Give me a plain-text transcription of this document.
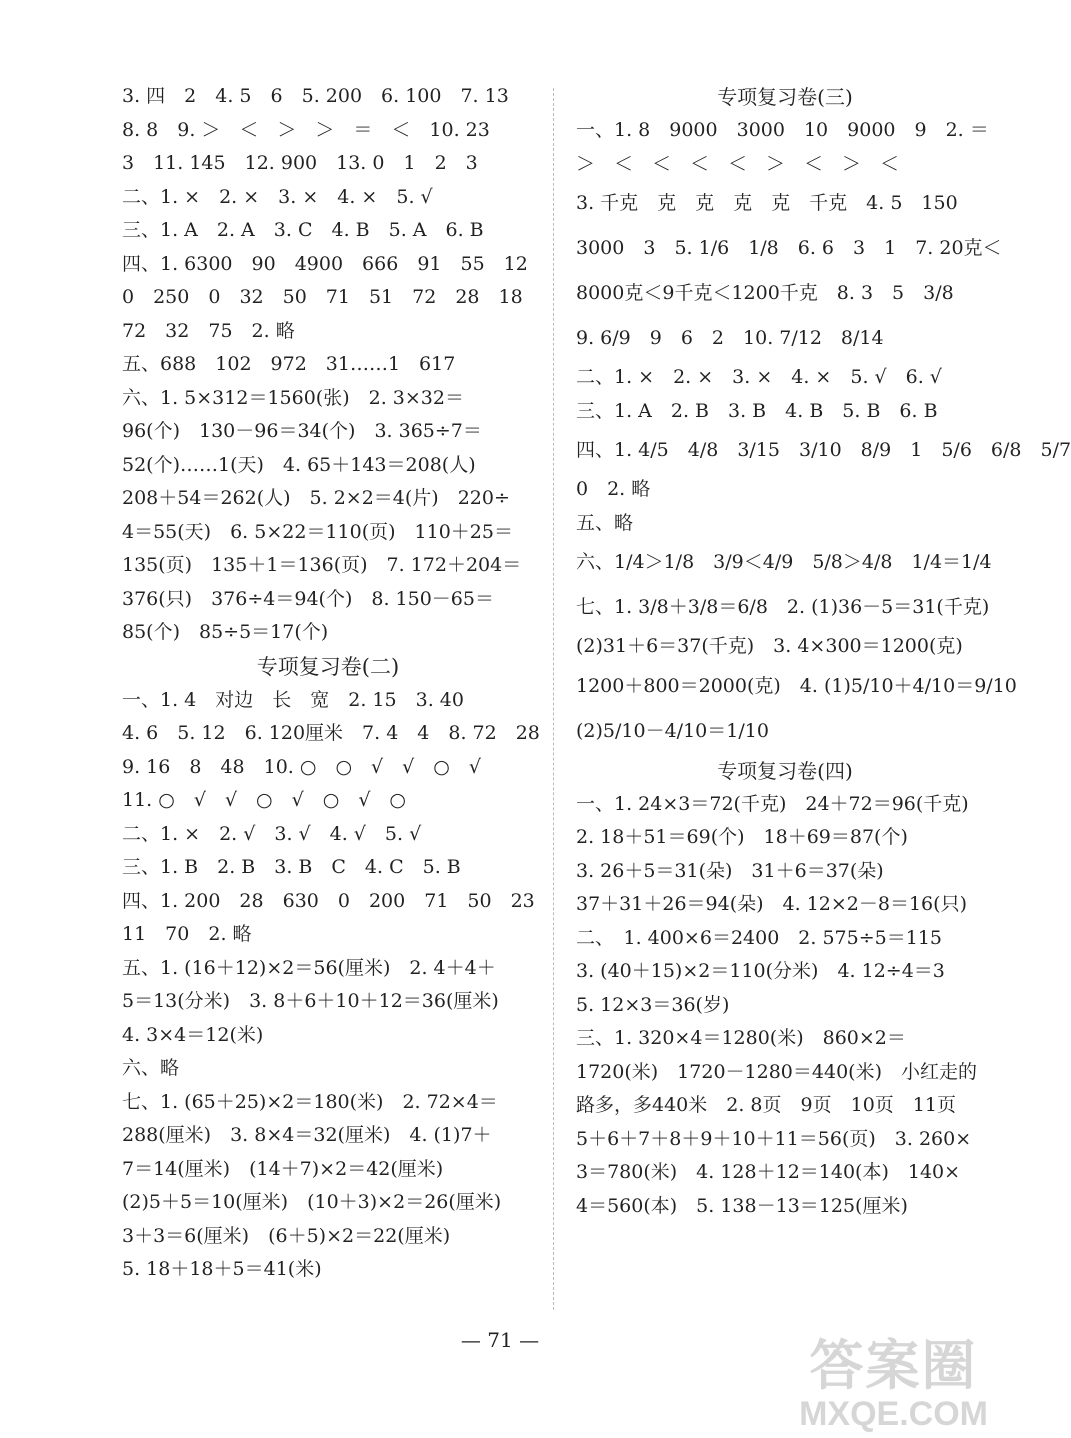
3. 四　2　4. 5　6　5. 200　6. 100　7. 13
8. 8　9. ＞　＜　＞　＞　＝　＜　10. 23
3　11. 145　12. 900　13. 0　1　2　3
二、1. ×　2. ×　3. ×　4. ×　5. √
三、1. A　2. A　3. C　4. B　5. A　6. B
四、1. 6300　90　4900　666　91　55　12
0　250　0　32　50　71　51　72　28　18
72　32　75　2. 略
五、688　102　972　31……1　617
六、1. 5×312＝1560(张)　2. 3×32＝
96(个)　130－96＝34(个)　3. 365÷7＝
52(个)……1(天)　4. 65＋143＝208(人)
208＋54＝262(人)　5. 2×2＝4(片)　220÷
4＝55(天)　6. 5×22＝110(页)　110＋25＝
135(页)　135＋1＝136(页)　7. 172＋204＝
376(只)　376÷4＝94(个)　8. 150－65＝
85(个)　85÷5＝17(个)
专项复习卷(二)
一、1. 4　对边　长　宽　2. 15　3. 40
4. 6　5. 12　6. 120厘米　7. 4　4　8. 72　28
9. 16　8　48　10. ○　○　√　√　○　√
11. ○　√　√　○　√　○　√　○
二、1. ×　2. √　3. √　4. √　5. √
三、1. B　2. B　3. B　C　4. C　5. B
四、1. 200　28　630　0　200　71　50　23
11　70　2. 略
五、1. (16＋12)×2＝56(厘米)　2. 4＋4＋
5＝13(分米)　3. 8＋6＋10＋12＝36(厘米)
4. 3×4＝12(米)
六、略
七、1. (65＋25)×2＝180(米)　2. 72×4＝
288(厘米)　3. 8×4＝32(厘米)　4. (1)7＋
7＝14(厘米)　(14＋7)×2＝42(厘米)
(2)5＋5＝10(厘米)　(10＋3)×2＝26(厘米)
3＋3＝6(厘米)　(6＋5)×2＝22(厘米)
5. 18＋18＋5＝41(米)
专项复习卷(三)
一、1. 8　9000　3000　10　9000　9　2. ＝
＞　＜　＜　＜　＜　＞　＜　＞　＜
3. 千克　克　克　克　克　千克　4. 5　150
3000　3　5. 1/6　1/8　6. 6　3　1　7. 20克＜
8000克＜9千克＜1200千克　8. 3　5　3/8
9. 6/9　9　6　2　10. 7/12　8/14
二、1. ×　2. ×　3. ×　4. ×　5. √　6. √
三、1. A　2. B　3. B　4. B　5. B　6. B
四、1. 4/5　4/8　3/15　3/10　8/9　1　5/6　6/8　5/7
0　2. 略
五、略
六、1/4＞1/8　3/9＜4/9　5/8＞4/8　1/4＝1/4
七、1. 3/8＋3/8＝6/8　2. (1)36－5＝31(千克)
(2)31＋6＝37(千克)　3. 4×300＝1200(克)
1200＋800＝2000(克)　4. (1)5/10＋4/10＝9/10
(2)5/10－4/10＝1/10
专项复习卷(四)
一、1. 24×3＝72(千克)　24＋72＝96(千克)
2. 18＋51＝69(个)　18＋69＝87(个)
3. 26＋5＝31(朵)　31＋6＝37(朵)
37＋31＋26＝94(朵)　4. 12×2－8＝16(只)
二、　1. 400×6＝2400　2. 575÷5＝115
3. (40＋15)×2＝110(分米)　4. 12÷4＝3
5. 12×3＝36(岁)
三、1. 320×4＝1280(米)　860×2＝
1720(米)　1720－1280＝440(米)　小红走的
路多，多440米　2. 8页　9页　10页　11页
5＋6＋7＋8＋9＋10＋11＝56(页)　3. 260×
3＝780(米)　4. 128＋12＝140(本)　140×
4＝560(本)　5. 138－13＝125(厘米)
— 71 —	答案圈
MXQE.COM
